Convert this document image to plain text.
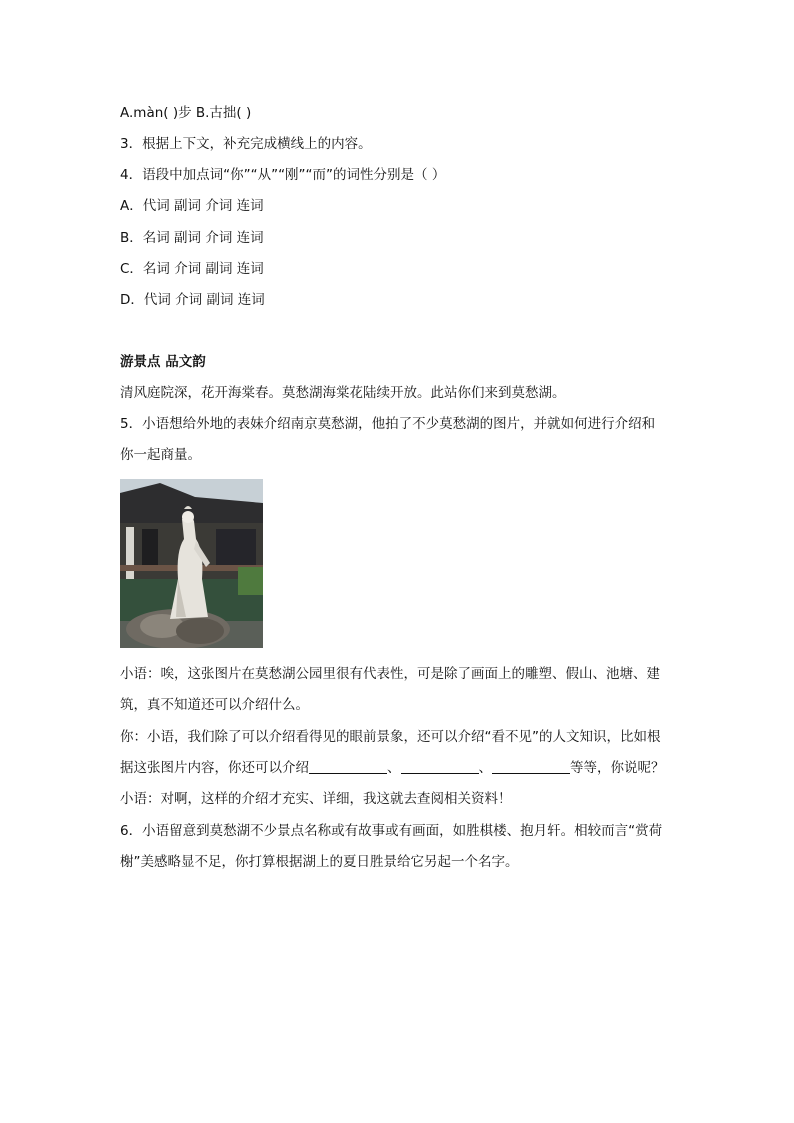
A.màn( )步 B.古拙( )
3．根据上下文，补充完成横线上的内容。
4．语段中加点词“你”“从”“刚”“而”的词性分别是（ ）
A．代词 副词 介词 连词
B．名词 副词 介词 连词
C．名词 介词 副词 连词
D．代词 介词 副词 连词
游景点 品文韵
清风庭院深，花开海棠春。莫愁湖海棠花陆续开放。此站你们来到莫愁湖。
5．小语想给外地的表妹介绍南京莫愁湖，他拍了不少莫愁湖的图片，并就如何进行介绍和
你一起商量。
小语：唉，这张图片在莫愁湖公园里很有代表性，可是除了画面上的雕塑、假山、池塘、建
筑，真不知道还可以介绍什么。
你：小语，我们除了可以介绍看得见的眼前景象，还可以介绍“看不见”的人文知识，比如根
据这张图片内容，你还可以介绍	、	、	等等，你说呢？
小语：对啊，这样的介绍才充实、详细，我这就去查阅相关资料！
6．小语留意到莫愁湖不少景点名称或有故事或有画面，如胜棋楼、抱月轩。相较而言“赏荷
榭”美感略显不足，你打算根据湖上的夏日胜景给它另起一个名字。
